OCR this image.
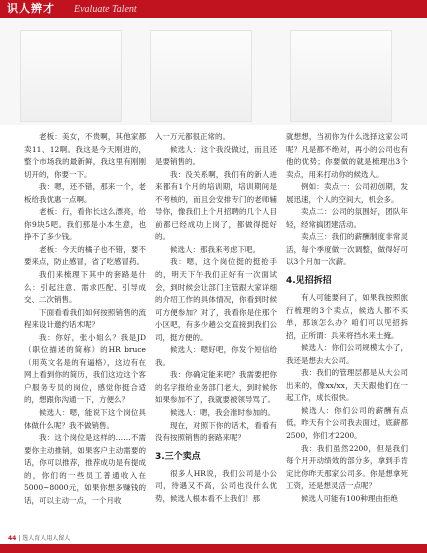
识人辨才 Evaluate Talent

老板：美女，不贵啊，其他家都卖11、12啊。我这是今天刚进的，整个市场我的最新鲜，我这里有刚刚切开的，你要一下。

我：嗯，还不错，那来一个，老板给我优惠一点啊。

老板：行，看你长这么漂亮，给你9块5吧。我们那是小本生意，也挣不了多少钱。

老板：今天的橘子也不错，要不要来点，防止感冒，省了吃感冒药。

我们来梳理下其中的套路是什么：引起注意、需求匹配、引导成交、二次销售。

下面看看我们如何按照销售的流程来设计邀约话术呢？

我：你好，张小姐么？我是JD（职位描述的简称）的HR bruce（用英文名是的有逼格），这边有在网上看到你的简历，我们这边这个客户服务专员的岗位，感觉你挺合适的，想跟你沟通一下，方便么？

候选人：嗯，能说下这个岗位具体做什么呢？我不做销售。

我：这个岗位是这样的……不需要你主动推销，如果客户主动需要的话，你可以推荐，推荐成功是有提成的，你们的一些员工普通收入在5000~8000元，如果你想多赚钱的话，可以主动一点，一个月收

入一万元都很正常的。

候选人：这个我没做过，而且还是要销售的。

我：没关系啊，我们有的新人进来都有1个月的培训期，培训期间是不考核的，而且会安排专门的老师辅导你，像我们上个月招聘的几个人目前都已经成功上岗了，都做得挺好的。

候选人：那我来考虑下吧。

我：嗯，这个岗位挺的挺抢手的，明天下午我们正好有一次面试会，到时候会让部门主管跟大家详细的介绍工作的具体情况，你看到时候可方便参加？对了，我看你是住那个小区吧，有多少趟公交直接到我们公司，挺方便的。

候选人：嗯好吧，你发个短信给我。

我：你确定能来吧？我需要把你的名字报给业务部门老大，到时候你如果参加不了，我就要被领导骂了。

候选人：嗯，我会准时参加的。

现在，对照下你的话术，看看有没有按照销售的套路来呢？

3.三个卖点

很多人HR说，我们公司是小公司，待遇又不高，公司也没什么优势，候选人根本看不上我们！那

就想想，当初你为什么选择这家公司呢？凡是都不绝对，再小的公司也有他的优势；你要做的就是梳理出3个卖点，用来打动你的候选人。

例如：卖点一：公司初创期，发展迅速，个人的空间大，机会多。

卖点二：公司的氛围好，团队年轻，经常搞团建活动。

卖点三：我们的薪酬制度非常灵活，每个季度做一次调整，做得好可以3个月加一次薪。

4.见招拆招

有人可能要问了，如果我按照旅行梳理的3个卖点，候选人都不买单，那该怎么办？咱们可以见招拆招，正所谓：兵来将挡水来土掩。

候选人：你们公司规模太小了，我还是想去大公司。

我：我们的管理层都是从大公司出来的，像xx/xx，天天跟他们在一起工作，成长很快。

候选人：你们公司的薪酬有点低，昨天有个公司我去面过，底薪都2500，你们才2200。

我：我们虽然2200，但是我们每个月开动绩效的部分多，拿到手肯定比你昨天那家公司多。你是想拿死工资，还是想灵活一点呢？

候选人可能有100种理由拒绝

44 | 选人育人用人留人
